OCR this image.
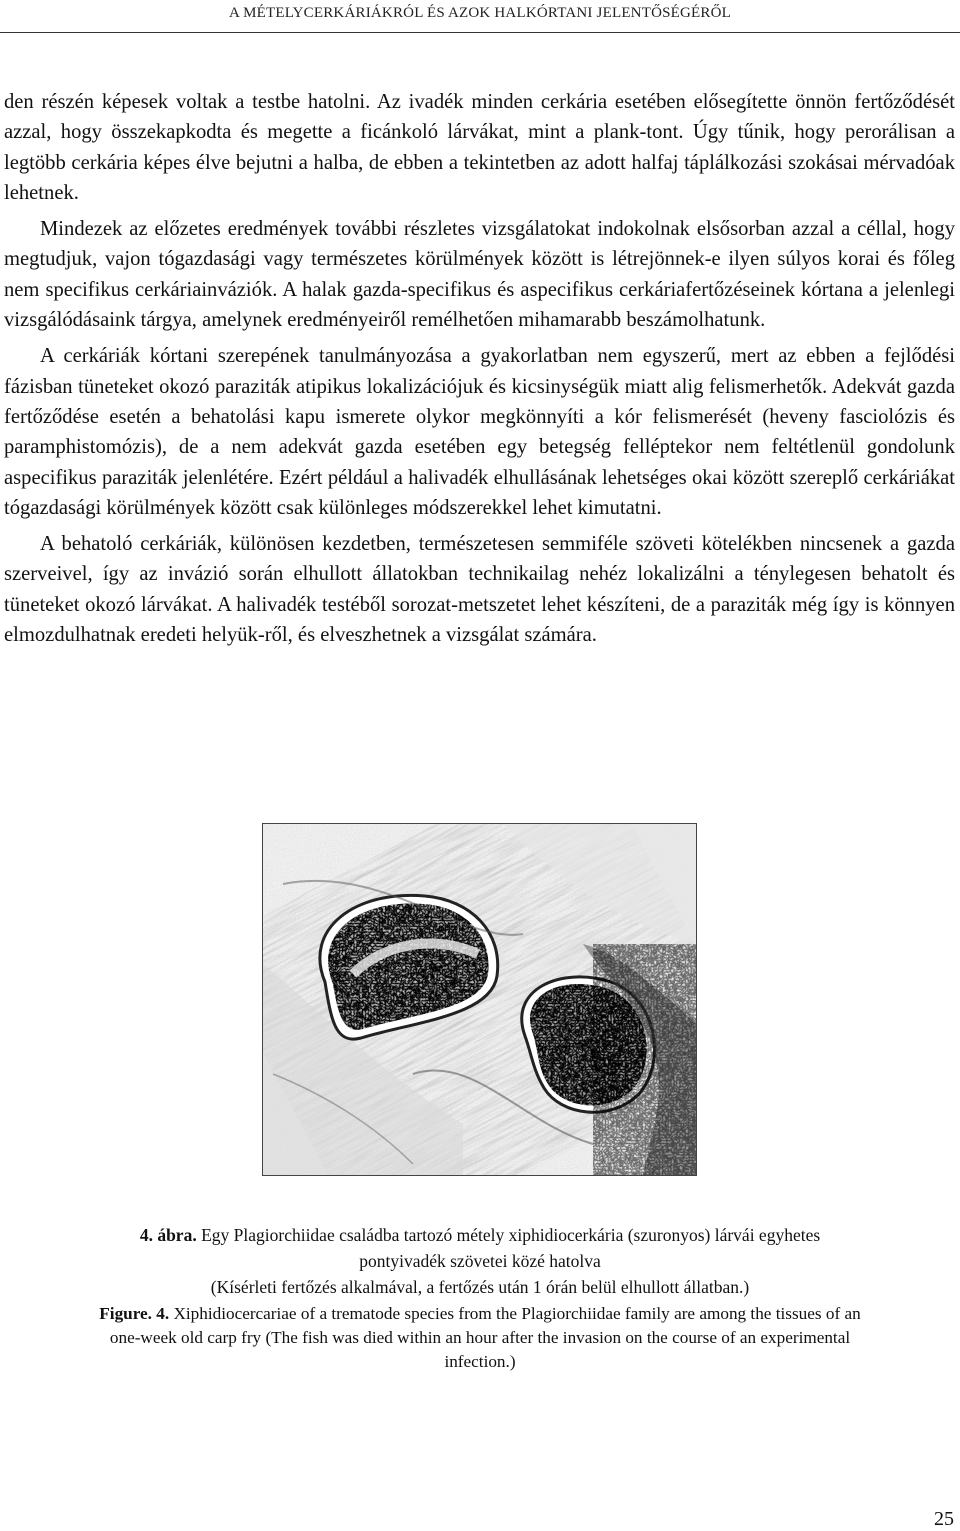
A MÉTELYCERKÁRIÁKRÓL ÉS AZOK HALKÓRTANI JELENTŐSÉGÉRŐL

den részén képesek voltak a testbe hatolni. Az ivadék minden cerkária esetében elősegítette önnön fertőződését azzal, hogy összekapkodta és megette a ficánkoló lárvákat, mint a plank-tont. Úgy tűnik, hogy perorálisan a legtöbb cerkária képes élve bejutni a halba, de ebben a tekintetben az adott halfaj táplálkozási szokásai mérvadóak lehetnek.

Mindezek az előzetes eredmények további részletes vizsgálatokat indokolnak elsősorban azzal a céllal, hogy megtudjuk, vajon tógazdasági vagy természetes körülmények között is létrejönnek-e ilyen súlyos korai és főleg nem specifikus cerkáriainváziók. A halak gazda-specifikus és aspecifikus cerkáriafertőzéseinek kórtana a jelenlegi vizsgálódásaink tárgya, amelynek eredményeiről remélhetően mihamarabb beszámolhatunk.

A cerkáriák kórtani szerepének tanulmányozása a gyakorlatban nem egyszerű, mert az ebben a fejlődési fázisban tüneteket okozó paraziták atipikus lokalizációjuk és kicsinységük miatt alig felismerhetők. Adekvát gazda fertőződése esetén a behatolási kapu ismerete olykor megkönnyíti a kór felismerését (heveny fasciolózis és paramphistomózis), de a nem adekvát gazda esetében egy betegség felléptekor nem feltétlenül gondolunk aspecifikus paraziták jelenlétére. Ezért például a halivadék elhullásának lehetséges okai között szereplő cerkáriákat tógazdasági körülmények között csak különleges módszerekkel lehet kimutatni.

A behatoló cerkáriák, különösen kezdetben, természetesen semmiféle szöveti kötelékben nincsenek a gazda szerveivel, így az invázió során elhullott állatokban technikailag nehéz lokalizálni a ténylegesen behatolt és tüneteket okozó lárvákat. A halivadék testéből sorozat-metszetet lehet készíteni, de a paraziták még így is könnyen elmozdulhatnak eredeti helyük-ről, és elveszhetnek a vizsgálat számára.

4. ábra. Egy Plagiorchiidae családba tartozó mételу xiphidiocerkária (szuronyos) lárvái egyhetes
pontyivadék szövetei közé hatolva
(Kísérleti fertőzés alkalmával, a fertőzés után 1 órán belül elhullott állatban.)
Figure. 4. Xiphidiocercariae of a trematode species from the Plagiorchiidae family are among the tissues of an
one-week old carp fry (The fish was died within an hour after the invasion on the course of an experimental
infection.)
25
